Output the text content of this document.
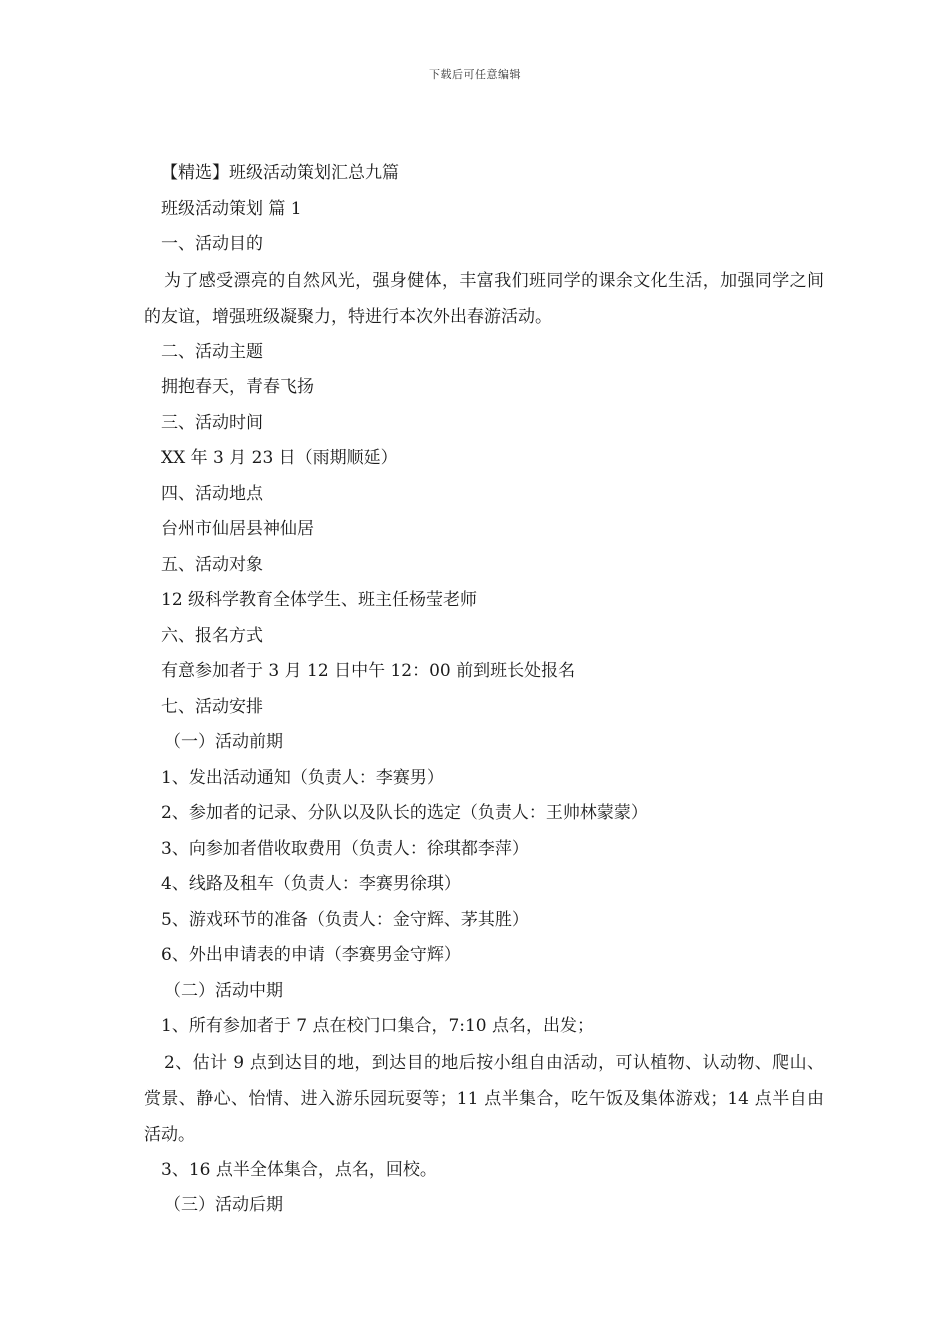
下载后可任意编辑

【精选】班级活动策划汇总九篇

班级活动策划 篇 1

一、活动目的

为了感受漂亮的自然风光，强身健体，丰富我们班同学的课余文化生活，加强同学之间的友谊，增强班级凝聚力，特进行本次外出春游活动。

二、活动主题

拥抱春天，青春飞扬

三、活动时间

XX 年 3 月 23 日（雨期顺延）

四、活动地点

台州市仙居县神仙居

五、活动对象

12 级科学教育全体学生、班主任杨莹老师

六、报名方式

有意参加者于 3 月 12 日中午 12：00 前到班长处报名

七、活动安排

（一）活动前期

1、发出活动通知（负责人：李赛男）

2、参加者的记录、分队以及队长的选定（负责人：王帅林蒙蒙）

3、向参加者借收取费用（负责人：徐琪都李萍）

4、线路及租车（负责人：李赛男徐琪）

5、游戏环节的准备（负责人：金守辉、茅其胜）

6、外出申请表的申请（李赛男金守辉）

（二）活动中期

1、所有参加者于 7 点在校门口集合，7:10 点名，出发；

2、估计 9 点到达目的地，到达目的地后按小组自由活动，可认植物、认动物、爬山、赏景、静心、怡情、进入游乐园玩耍等；11 点半集合，吃午饭及集体游戏；14 点半自由活动。

3、16 点半全体集合，点名，回校。

（三）活动后期
